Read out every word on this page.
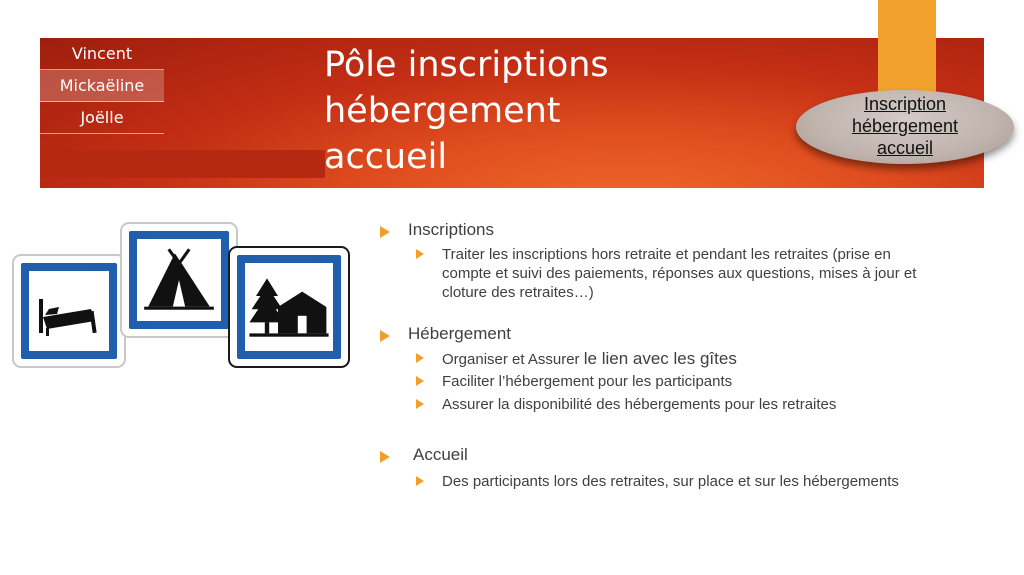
Vincent
Mickaëline
Joëlle
Pôle inscriptions
hébergement
accueil
Inscription
hébergement
accueil
Inscriptions
Traiter les inscriptions hors retraite et pendant les retraites (prise en compte et suivi des paiements, réponses aux questions, mises à jour et cloture des retraites…)
Hébergement
Organiser et Assurer le lien avec les gîtes
Faciliter l’hébergement pour les participants
Assurer la disponibilité des hébergements pour les retraites
Accueil
Des participants lors des retraites, sur place et sur les hébergements
